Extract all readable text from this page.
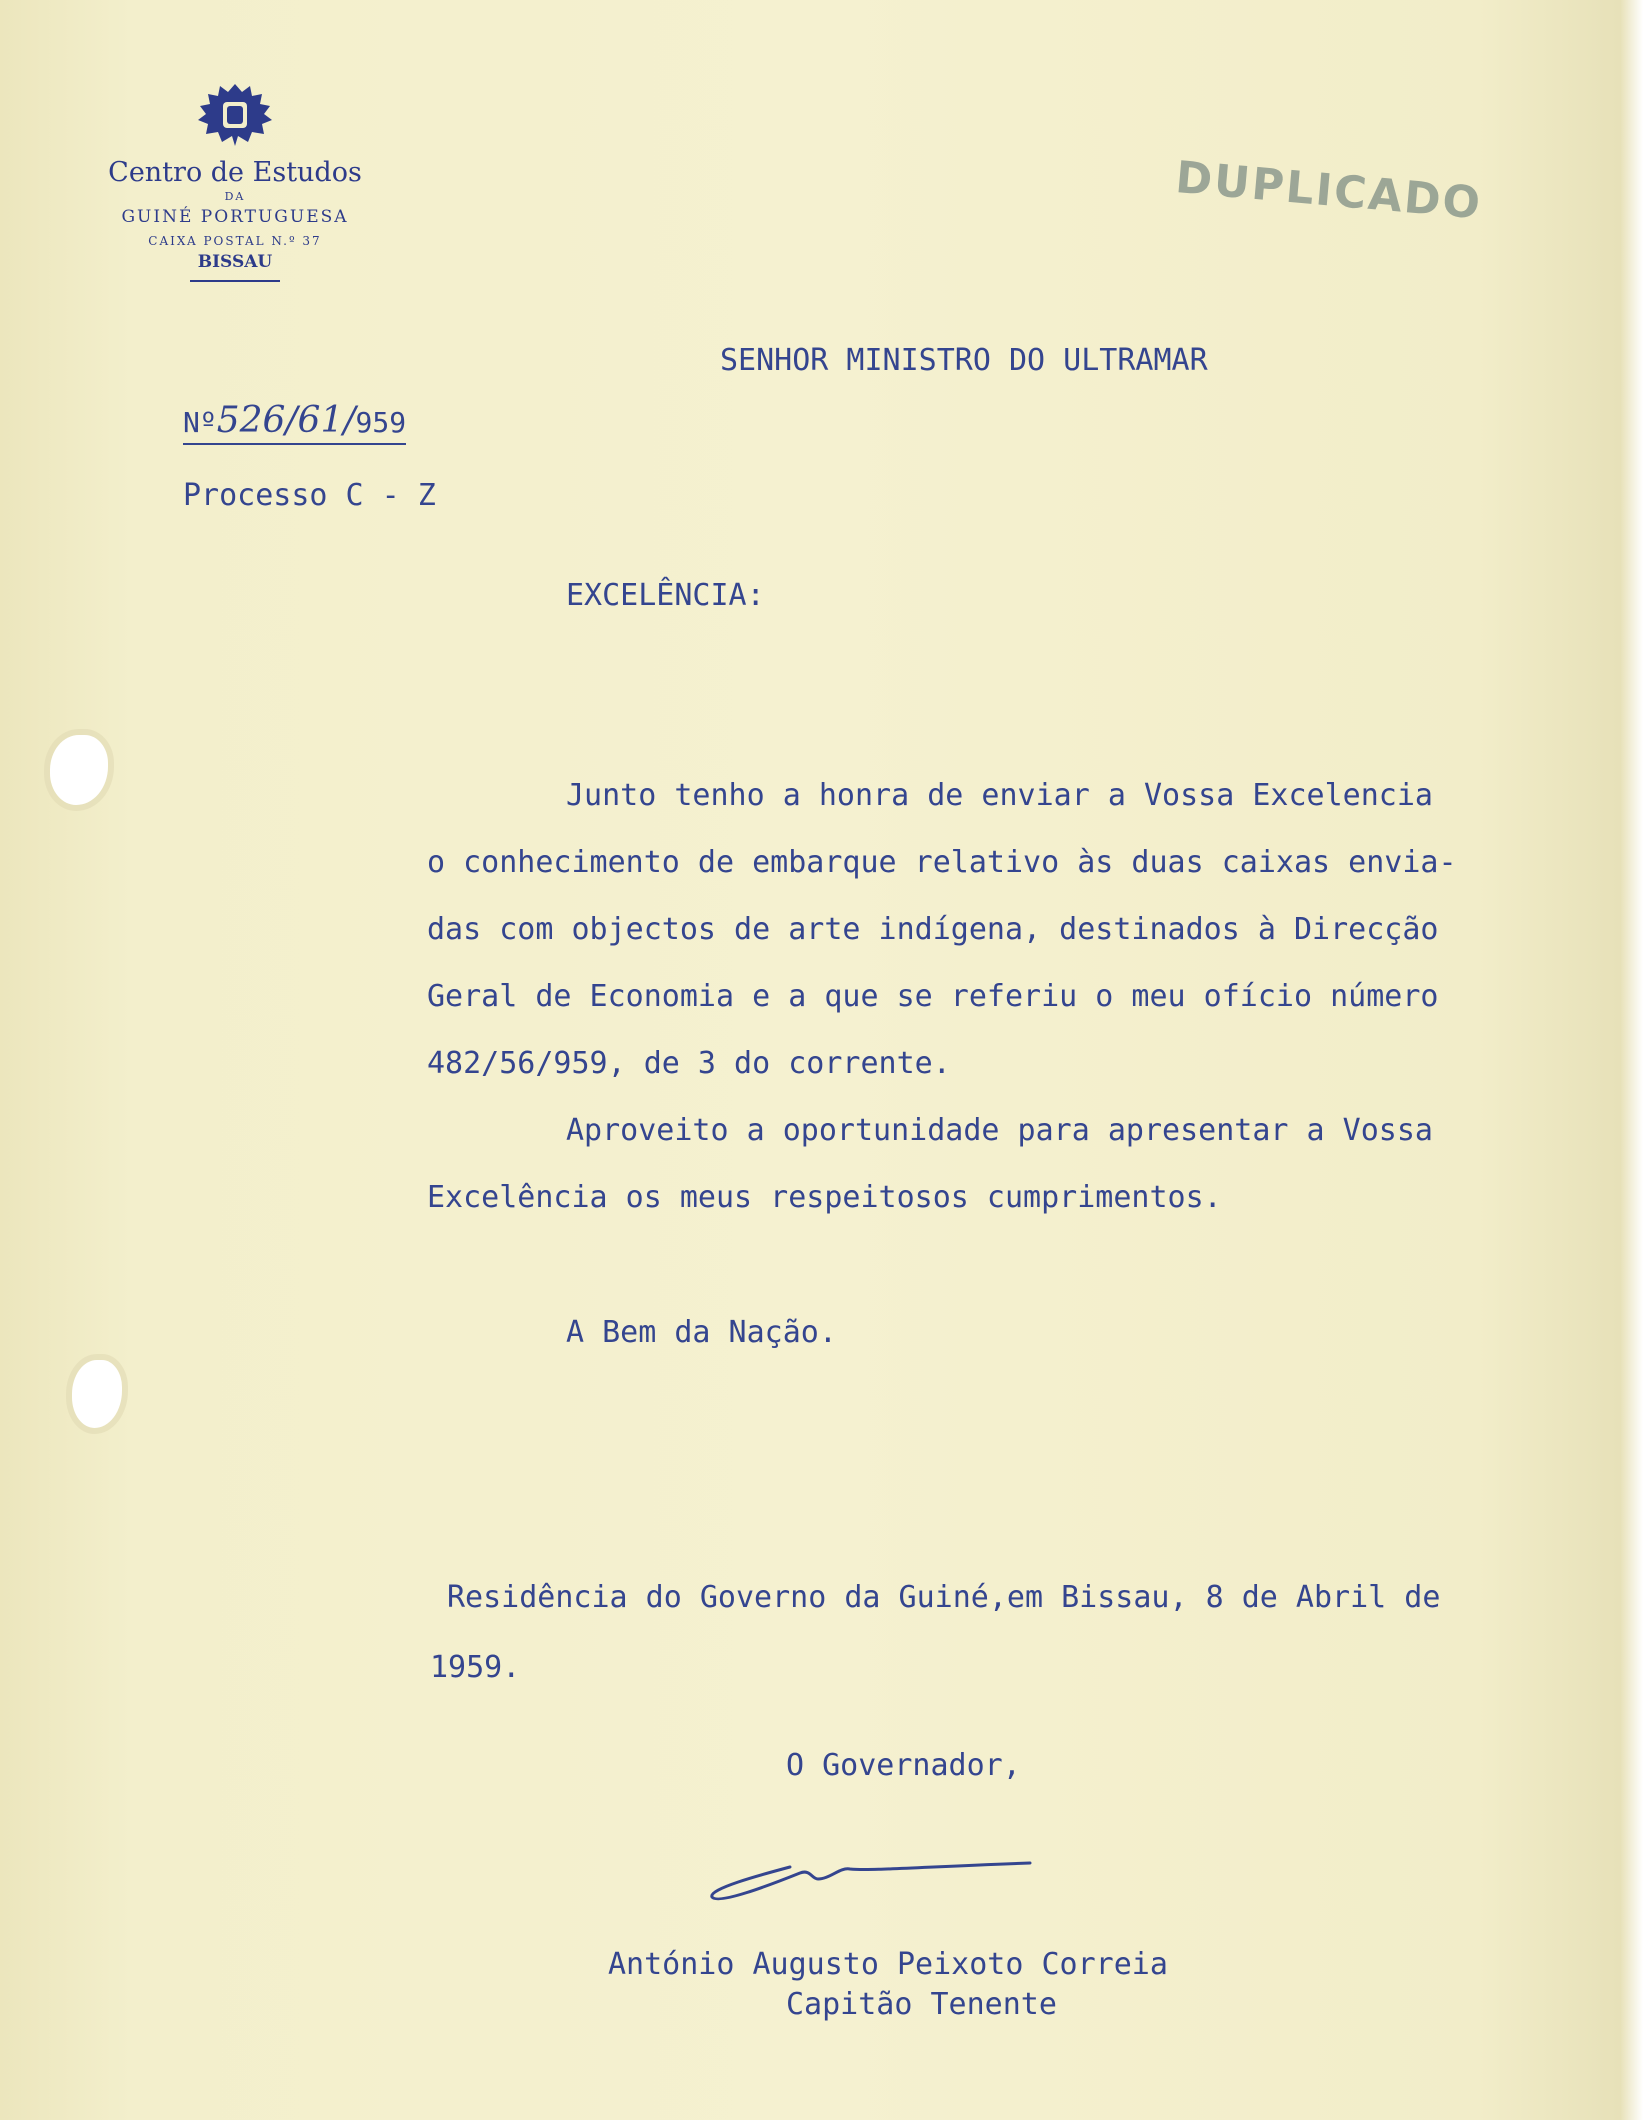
Centro de Estudos
DA
GUINÉ PORTUGUESA
CAIXA POSTAL N.º 37
BISSAU
DUPLICADO
SENHOR MINISTRO DO ULTRAMAR
Nº526/61/959
Processo C - Z
EXCELÊNCIA:
Junto tenho a honra de enviar a Vossa Excelencia
o conhecimento de embarque relativo às duas caixas envia-
das com objectos de arte indígena, destinados à Direcção
Geral de Economia e a que se referiu o meu ofício número
482/56/959, de 3 do corrente.
Aproveito a oportunidade para apresentar a Vossa
Excelência os meus respeitosos cumprimentos.
A Bem da Nação.
Residência do Governo da Guiné,em Bissau, 8 de Abril de
1959.
O Governador,
António Augusto Peixoto Correia
Capitão Tenente
